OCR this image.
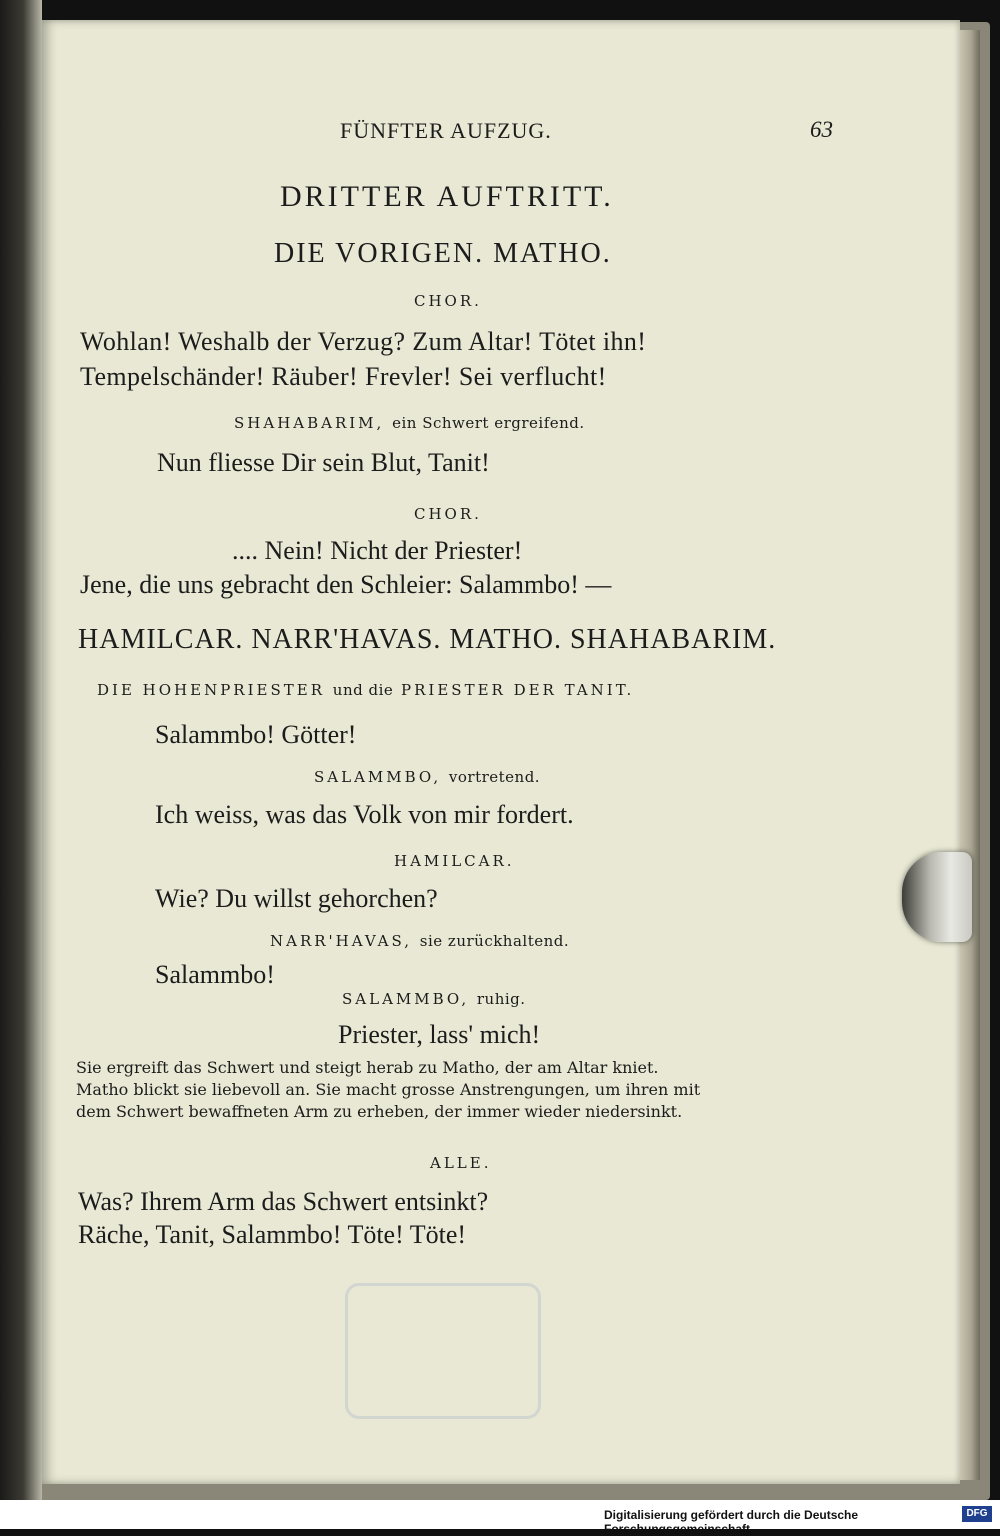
FÜNFTER AUFZUG.	63
DRITTER AUFTRITT.
DIE VORIGEN. MATHO.
CHOR.
Wohlan! Weshalb der Verzug? Zum Altar! Tötet ihn!
Tempelschänder! Räuber! Frevler! Sei verflucht!
SHAHABARIM, ein Schwert ergreifend.
Nun fliesse Dir sein Blut, Tanit!
CHOR.
.... Nein! Nicht der Priester!
Jene, die uns gebracht den Schleier: Salammbo! —
HAMILCAR. NARR'HAVAS. MATHO. SHAHABARIM.
DIE HOHENPRIESTER und die PRIESTER DER TANIT.
Salammbo! Götter!
SALAMMBO, vortretend.
Ich weiss, was das Volk von mir fordert.
HAMILCAR.
Wie? Du willst gehorchen?
NARR'HAVAS, sie zurückhaltend.
Salammbo!
SALAMMBO, ruhig.
Priester, lass' mich!
Sie ergreift das Schwert und steigt herab zu Matho, der am Altar kniet.
Matho blickt sie liebevoll an. Sie macht grosse Anstrengungen, um ihren mit
dem Schwert bewaffneten Arm zu erheben, der immer wieder niedersinkt.
ALLE.
Was? Ihrem Arm das Schwert entsinkt?
Räche, Tanit, Salammbo! Töte! Töte!
Digitalisierung gefördert durch die Deutsche Forschungsgemeinschaft -
DFG
